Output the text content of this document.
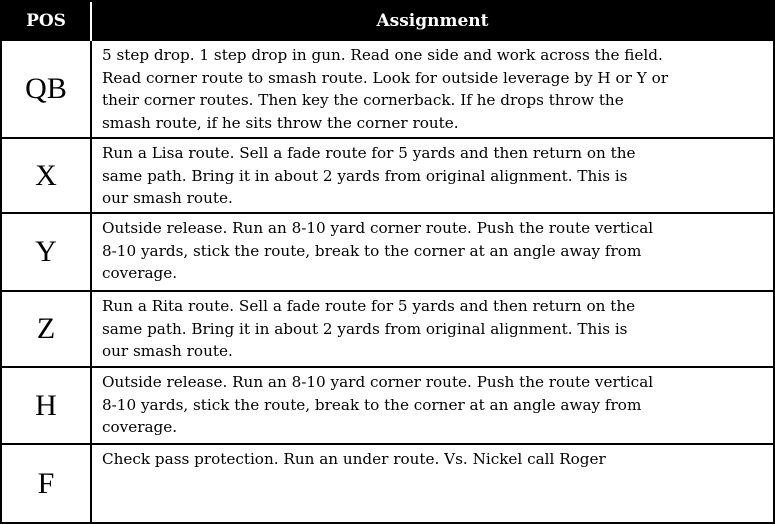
POS	Assignment
QB	5 step drop. 1 step drop in gun. Read one side and work across the field.
Read corner route to smash route. Look for outside leverage by H or Y or
their corner routes. Then key the cornerback. If he drops throw the
smash route, if he sits throw the corner route.
X	Run a Lisa route. Sell a fade route for 5 yards and then return on the
same path. Bring it in about 2 yards from original alignment. This is
our smash route.
Y	Outside release. Run an 8-10 yard corner route. Push the route vertical
8-10 yards, stick the route, break to the corner at an angle away from
coverage.
Z	Run a Rita route. Sell a fade route for 5 yards and then return on the
same path. Bring it in about 2 yards from original alignment. This is
our smash route.
H	Outside release. Run an 8-10 yard corner route. Push the route vertical
8-10 yards, stick the route, break to the corner at an angle away from
coverage.
F	Check pass protection. Run an under route. Vs. Nickel call Roger
